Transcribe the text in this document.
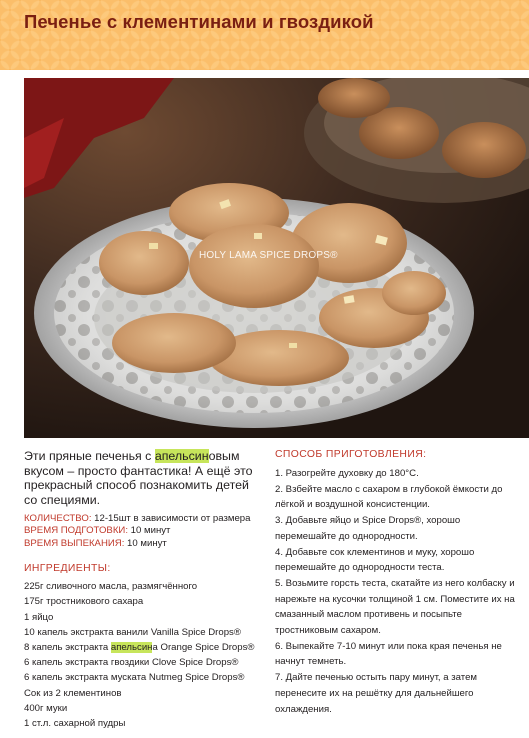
Печенье с клементинами и гвоздикой
HOLY LAMA SPICE DROPS®

Эти пряные печенья с апельсиновым вкусом – просто фантастика! А ещё это прекрасный способ познакомить детей со специями.

КОЛИЧЕСТВО: 12-15шт в зависимости от размера
ВРЕМЯ ПОДГОТОВКИ: 10 минут
ВРЕМЯ ВЫПЕКАНИЯ: 10 минут

ИНГРЕДИЕНТЫ:

225г сливочного масла, размягчённого
175г тростникового сахара
1 яйцо
10 капель экстракта ванили Vanilla Spice Drops®
8 капель экстракта апельсина Orange Spice Drops®
6 капель экстракта гвоздики Clove Spice Drops®
6 капель экстракта муската Nutmeg Spice Drops®
Сок из 2 клементинов
400г муки
1 ст.л. сахарной пудры

СПОСОБ ПРИГОТОВЛЕНИЯ:

1. Разогрейте духовку до 180°С.
2. Взбейте масло с сахаром в глубокой ёмкости до лёгкой и воздушной консистенции.
3. Добавьте яйцо и Spice Drops®, хорошо перемешайте до однородности.
4. Добавьте сок клементинов и муку, хорошо перемешайте до однородности теста.
5. Возьмите горсть теста, скатайте из него колбаску и нарежьте на кусочки толщиной 1 см. Поместите их на смазанный маслом противень и посыпьте тростниковым сахаром.
6. Выпекайте 7-10 минут или пока края печенья не начнут темнеть.
7. Дайте печенью остыть пару минут, а затем перенесите их на решётку для дальнейшего охлаждения.
